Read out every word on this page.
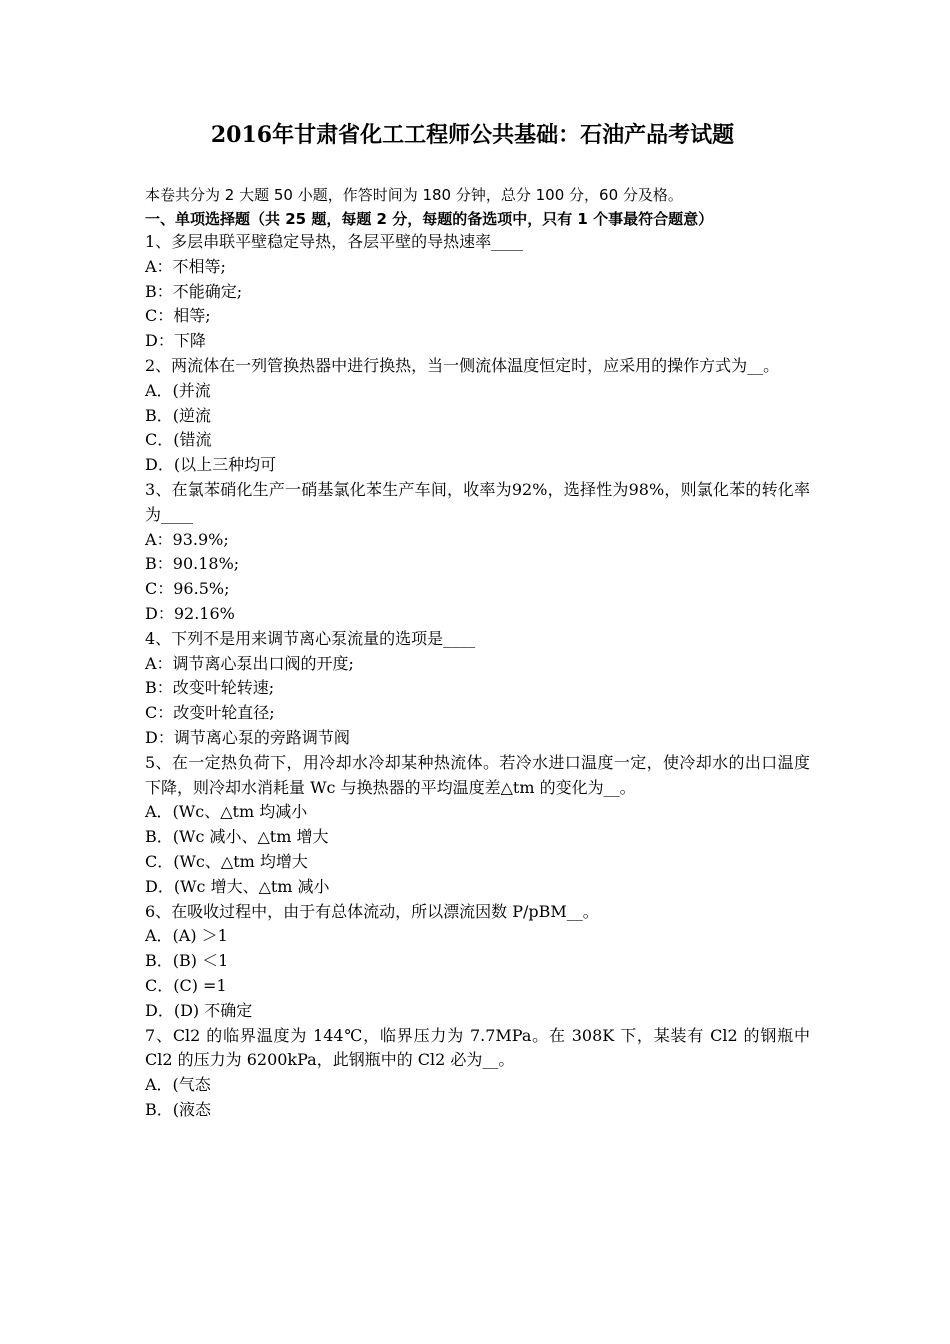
2016年甘肃省化工工程师公共基础：石油产品考试题

本卷共分为 2 大题 50 小题，作答时间为 180 分钟，总分 100 分，60 分及格。

一、单项选择题（共 25 题，每题 2 分，每题的备选项中，只有 1 个事最符合题意）

1、多层串联平壁稳定导热，各层平壁的导热速率____

A：不相等;

B：不能确定;

C：相等;

D：下降

2、两流体在一列管换热器中进行换热，当一侧流体温度恒定时，应采用的操作方式为__。

A．(并流

B．(逆流

C．(错流

D．(以上三种均可

3、在氯苯硝化生产一硝基氯化苯生产车间，收率为92%，选择性为98%，则氯化苯的转化率为____

A：93.9%;

B：90.18%;

C：96.5%;

D：92.16%

4、下列不是用来调节离心泵流量的选项是____

A：调节离心泵出口阀的开度;

B：改变叶轮转速;

C：改变叶轮直径;

D：调节离心泵的旁路调节阀

5、在一定热负荷下，用冷却水冷却某种热流体。若冷水进口温度一定，使冷却水的出口温度下降，则冷却水消耗量 Wc 与换热器的平均温度差△tm 的变化为__。

A．(Wc、△tm 均减小

B．(Wc 减小、△tm 增大

C．(Wc、△tm 均增大

D．(Wc 增大、△tm 减小

6、在吸收过程中，由于有总体流动，所以漂流因数 P/pBM__。

A．(A) ＞1

B．(B) ＜1

C．(C) =1

D．(D) 不确定

7、Cl2 的临界温度为 144℃，临界压力为 7.7MPa。在 308K 下，某装有 Cl2 的钢瓶中 Cl2 的压力为 6200kPa，此钢瓶中的 Cl2 必为__。

A．(气态

B．(液态
